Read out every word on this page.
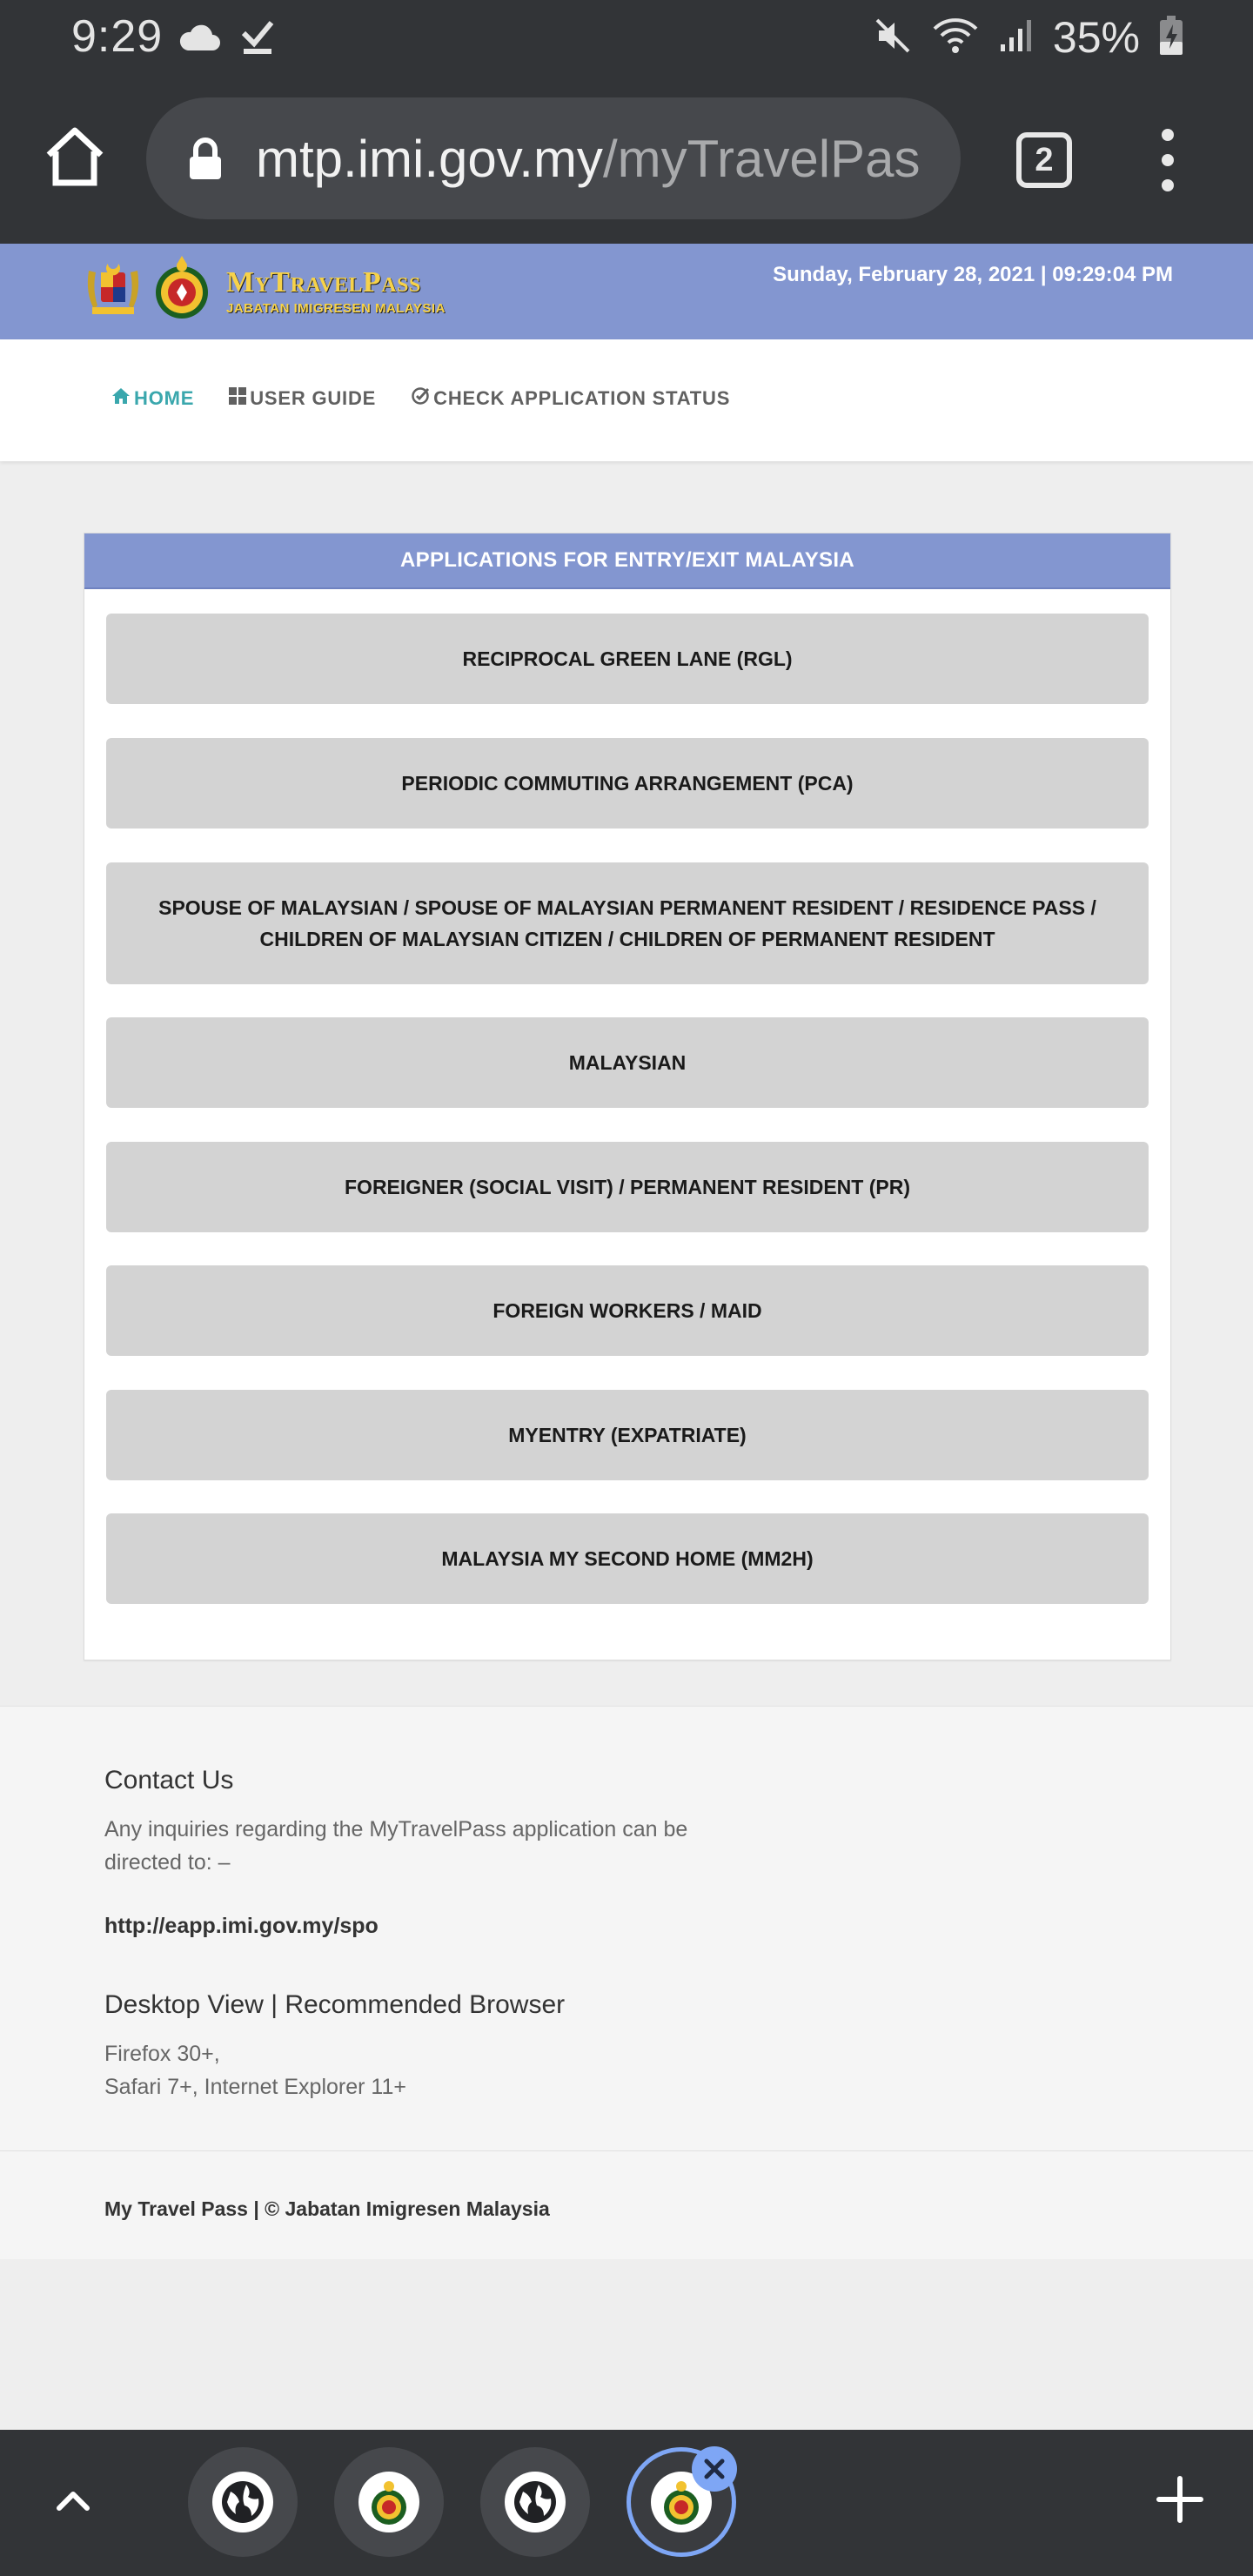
9:29	35%
mtp.imi.gov.my/myTravelPas	2
MyTravelPass
JABATAN IMIGRESEN MALAYSIA
Sunday, February 28, 2021 | 09:29:04 PM
HOME	USER GUIDE	CHECK APPLICATION STATUS
APPLICATIONS FOR ENTRY/EXIT MALAYSIA
RECIPROCAL GREEN LANE (RGL)
PERIODIC COMMUTING ARRANGEMENT (PCA)
SPOUSE OF MALAYSIAN / SPOUSE OF MALAYSIAN PERMANENT RESIDENT / RESIDENCE PASS / CHILDREN OF MALAYSIAN CITIZEN / CHILDREN OF PERMANENT RESIDENT
MALAYSIAN
FOREIGNER (SOCIAL VISIT) / PERMANENT RESIDENT (PR)
FOREIGN WORKERS / MAID
MYENTRY (EXPATRIATE)
MALAYSIA MY SECOND HOME (MM2H)
Contact Us
Any inquiries regarding the MyTravelPass application can be directed to: –
http://eapp.imi.gov.my/spo
Desktop View | Recommended Browser
Firefox 30+,
Safari 7+, Internet Explorer 11+
My Travel Pass | © Jabatan Imigresen Malaysia
